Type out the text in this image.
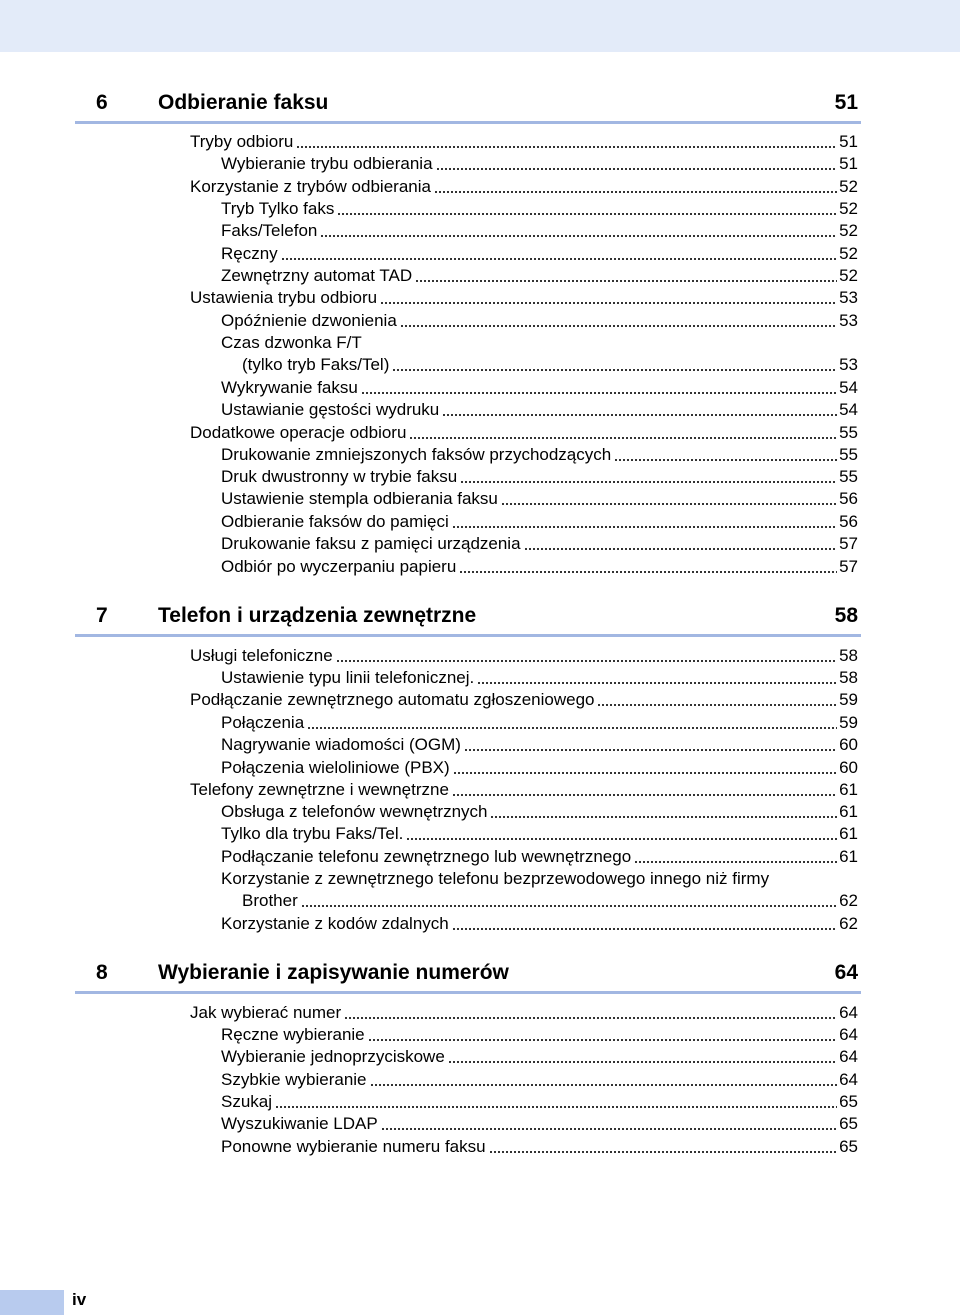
6 Odbieranie faksu	51
Tryby odbioru	51
Wybieranie trybu odbierania	51
Korzystanie z trybów odbierania	52
Tryb Tylko faks	52
Faks/Telefon	52
Ręczny	52
Zewnętrzny automat TAD	52
Ustawienia trybu odbioru	53
Opóźnienie dzwonienia	53
Czas dzwonka F/T
(tylko tryb Faks/Tel)	53
Wykrywanie faksu	54
Ustawianie gęstości wydruku	54
Dodatkowe operacje odbioru	55
Drukowanie zmniejszonych faksów przychodzących	55
Druk dwustronny w trybie faksu	55
Ustawienie stempla odbierania faksu	56
Odbieranie faksów do pamięci	56
Drukowanie faksu z pamięci urządzenia	57
Odbiór po wyczerpaniu papieru	57
7 Telefon i urządzenia zewnętrzne	58
Usługi telefoniczne	58
Ustawienie typu linii telefonicznej.	58
Podłączanie zewnętrznego automatu zgłoszeniowego	59
Połączenia	59
Nagrywanie wiadomości (OGM)	60
Połączenia wieloliniowe (PBX)	60
Telefony zewnętrzne i wewnętrzne	61
Obsługa z telefonów wewnętrznych	61
Tylko dla trybu Faks/Tel.	61
Podłączanie telefonu zewnętrznego lub wewnętrznego	61
Korzystanie z zewnętrznego telefonu bezprzewodowego innego niż firmy
Brother	62
Korzystanie z kodów zdalnych	62
8 Wybieranie i zapisywanie numerów	64
Jak wybierać numer	64
Ręczne wybieranie	64
Wybieranie jednoprzyciskowe	64
Szybkie wybieranie	64
Szukaj	65
Wyszukiwanie LDAP	65
Ponowne wybieranie numeru faksu	65
iv
